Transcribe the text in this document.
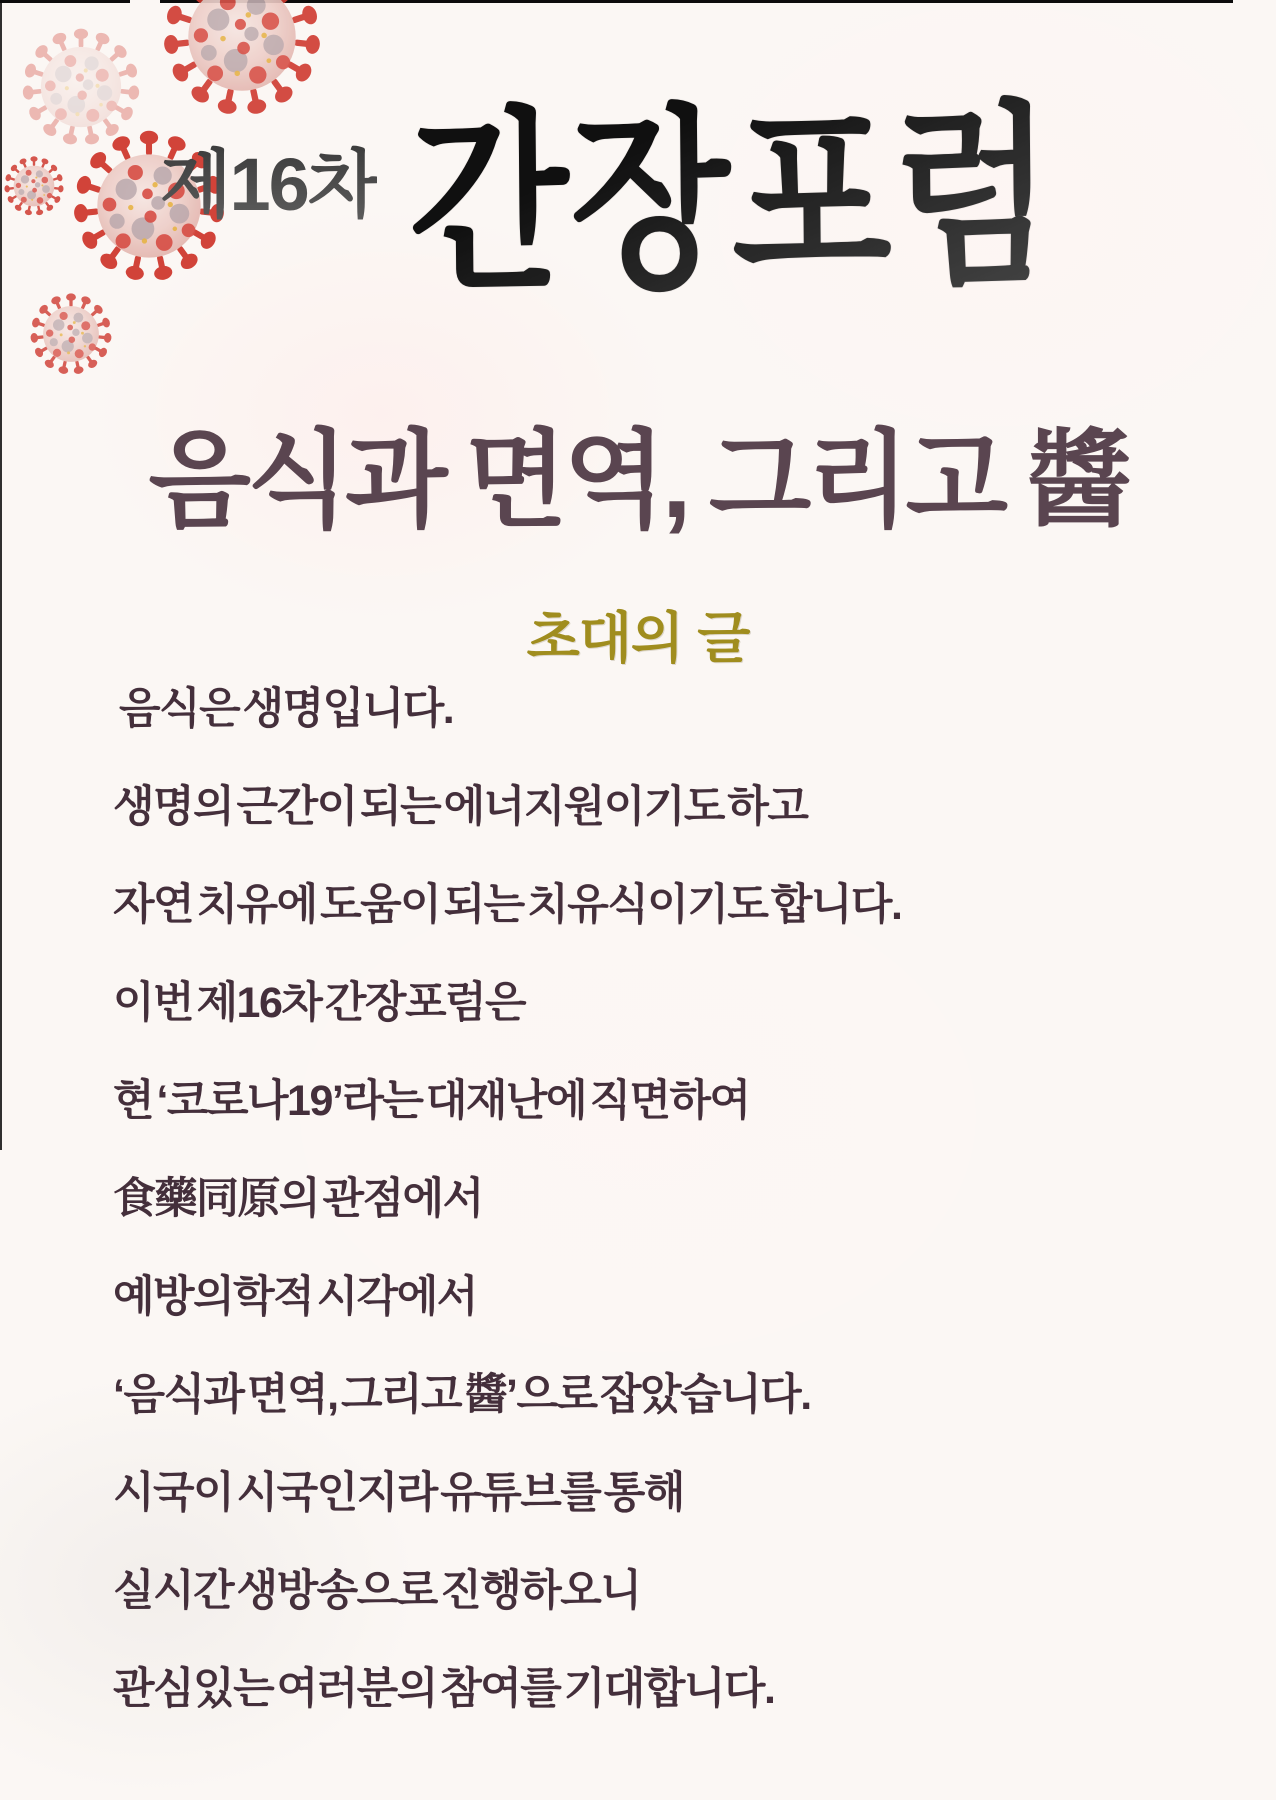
제16차 간장포럼
음식과 면역, 그리고 醬
초대의 글

음식은 생명입니다.

생명의 근간이 되는 에너지원이기도 하고

자연 치유에 도움이 되는 치유식이기도 합니다.

이번 제16차 간장포럼은

현 ‘코로나19’라는 대재난에 직면하여

食藥同原의 관점에서

예방의학적 시각에서

‘음식과 면역, 그리고 醬’으로 잡았습니다.

시국이 시국인지라 유튜브를 통해

실시간 생방송으로 진행하오니

관심있는 여러분의 참여를 기대합니다.
